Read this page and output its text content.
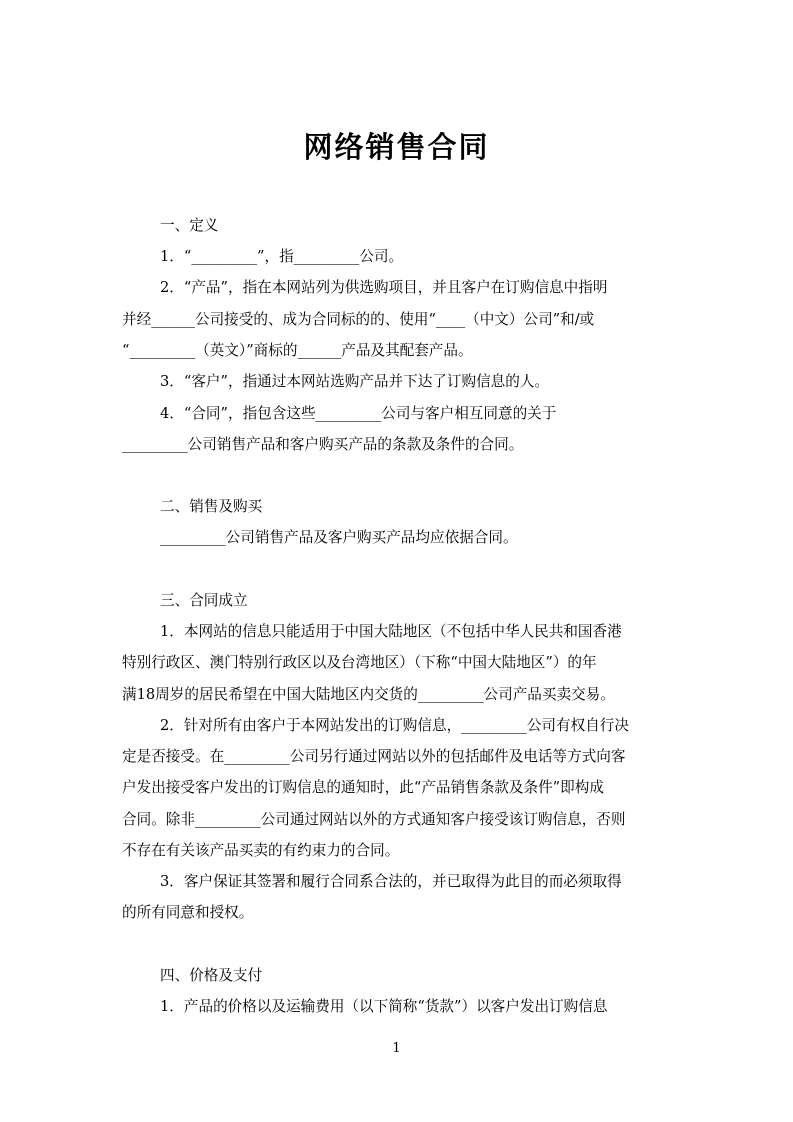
网络销售合同
一、定义
1．“_________”，指_________公司。
2．“产品”，指在本网站列为供选购项目，并且客户在订购信息中指明
并经______公司接受的、成为合同标的的、使用“____（中文）公司”和/或
“_________（英文）”商标的______产品及其配套产品。
3．“客户”，指通过本网站选购产品并下达了订购信息的人。
4．“合同”，指包含这些_________公司与客户相互同意的关于
_________公司销售产品和客户购买产品的条款及条件的合同。
二、销售及购买
_________公司销售产品及客户购买产品均应依据合同。
三、合同成立
1．本网站的信息只能适用于中国大陆地区（不包括中华人民共和国香港
特别行政区、澳门特别行政区以及台湾地区）（下称“中国大陆地区”）的年
满18周岁的居民希望在中国大陆地区内交货的_________公司产品买卖交易。
2．针对所有由客户于本网站发出的订购信息，_________公司有权自行决
定是否接受。在_________公司另行通过网站以外的包括邮件及电话等方式向客
户发出接受客户发出的订购信息的通知时，此“产品销售条款及条件”即构成
合同。除非_________公司通过网站以外的方式通知客户接受该订购信息，否则
不存在有关该产品买卖的有约束力的合同。
3．客户保证其签署和履行合同系合法的，并已取得为此目的而必须取得
的所有同意和授权。
四、价格及支付
1．产品的价格以及运输费用（以下简称“货款”）以客户发出订购信息
1
